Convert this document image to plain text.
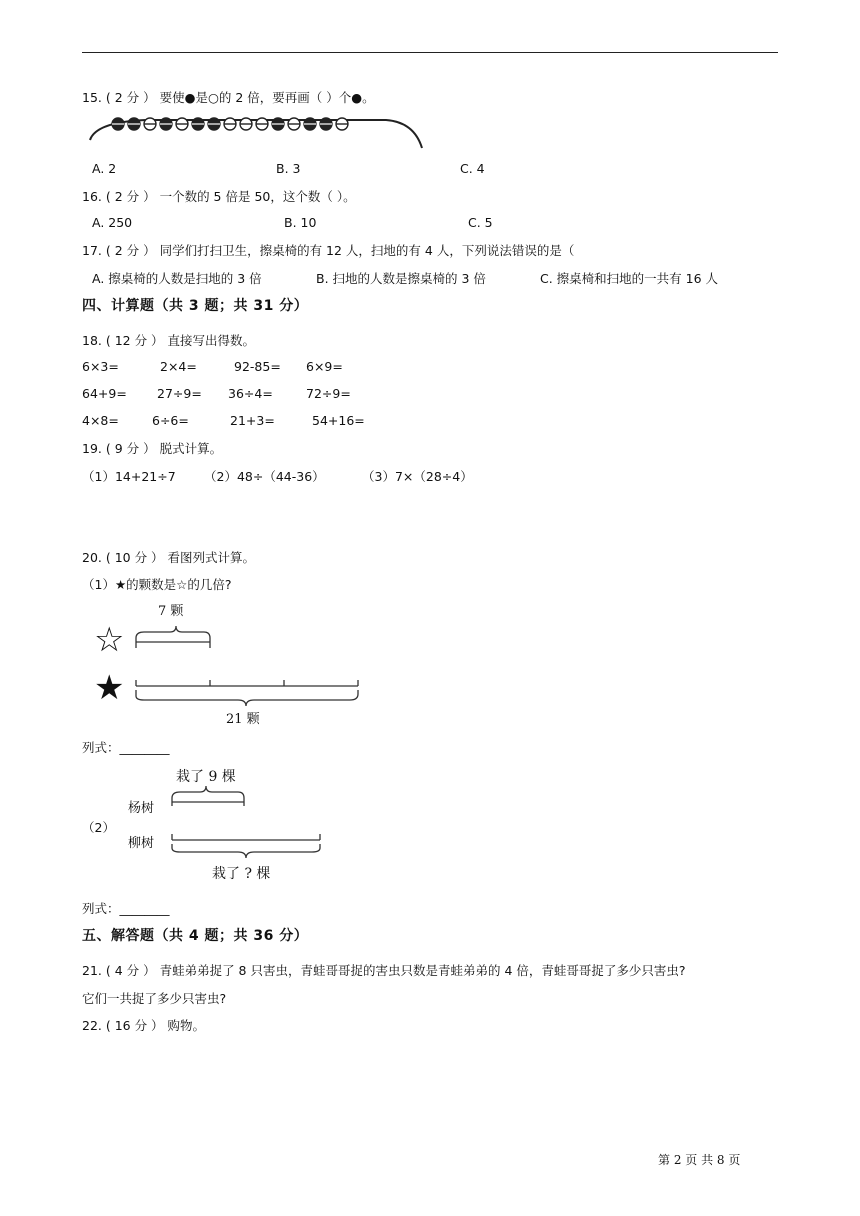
15. ( 2 分 ） 要使●是○的 2 倍，要再画（ ）个●。
A. 2	B. 3	C. 4
16. ( 2 分 ） 一个数的 5 倍是 50，这个数（ ）。
A. 250	B. 10	C. 5
17. ( 2 分 ） 同学们打扫卫生，擦桌椅的有 12 人，扫地的有 4 人，下列说法错误的是（
A. 擦桌椅的人数是扫地的 3 倍	B. 扫地的人数是擦桌椅的 3 倍	C. 擦桌椅和扫地的一共有 16 人
四、计算题（共 3 题；共 31 分）
18. ( 12 分 ） 直接写出得数。
6×3=	2×4=	92-85= 6×9=
64+9= 27÷9= 36÷4=	72÷9=
4×8=	6÷6=	21+3=	54+16=
19. ( 9 分 ） 脱式计算。
（1）14+21÷7 （2）48÷（44-36）	（3）7×（28÷4）
20. ( 10 分 ） 看图列式计算。
（1）★的颗数是☆的几倍?
7 颗
☆
★
21 颗
列式：________
栽了 9 棵
杨树
柳树
栽了 ? 棵
（2）
列式：________
五、解答题（共 4 题；共 36 分）
21. ( 4 分 ） 青蛙弟弟捉了 8 只害虫，青蛙哥哥捉的害虫只数是青蛙弟弟的 4 倍，青蛙哥哥捉了多少只害虫?
它们一共捉了多少只害虫?
22. ( 16 分 ） 购物。
第 2 页 共 8 页
